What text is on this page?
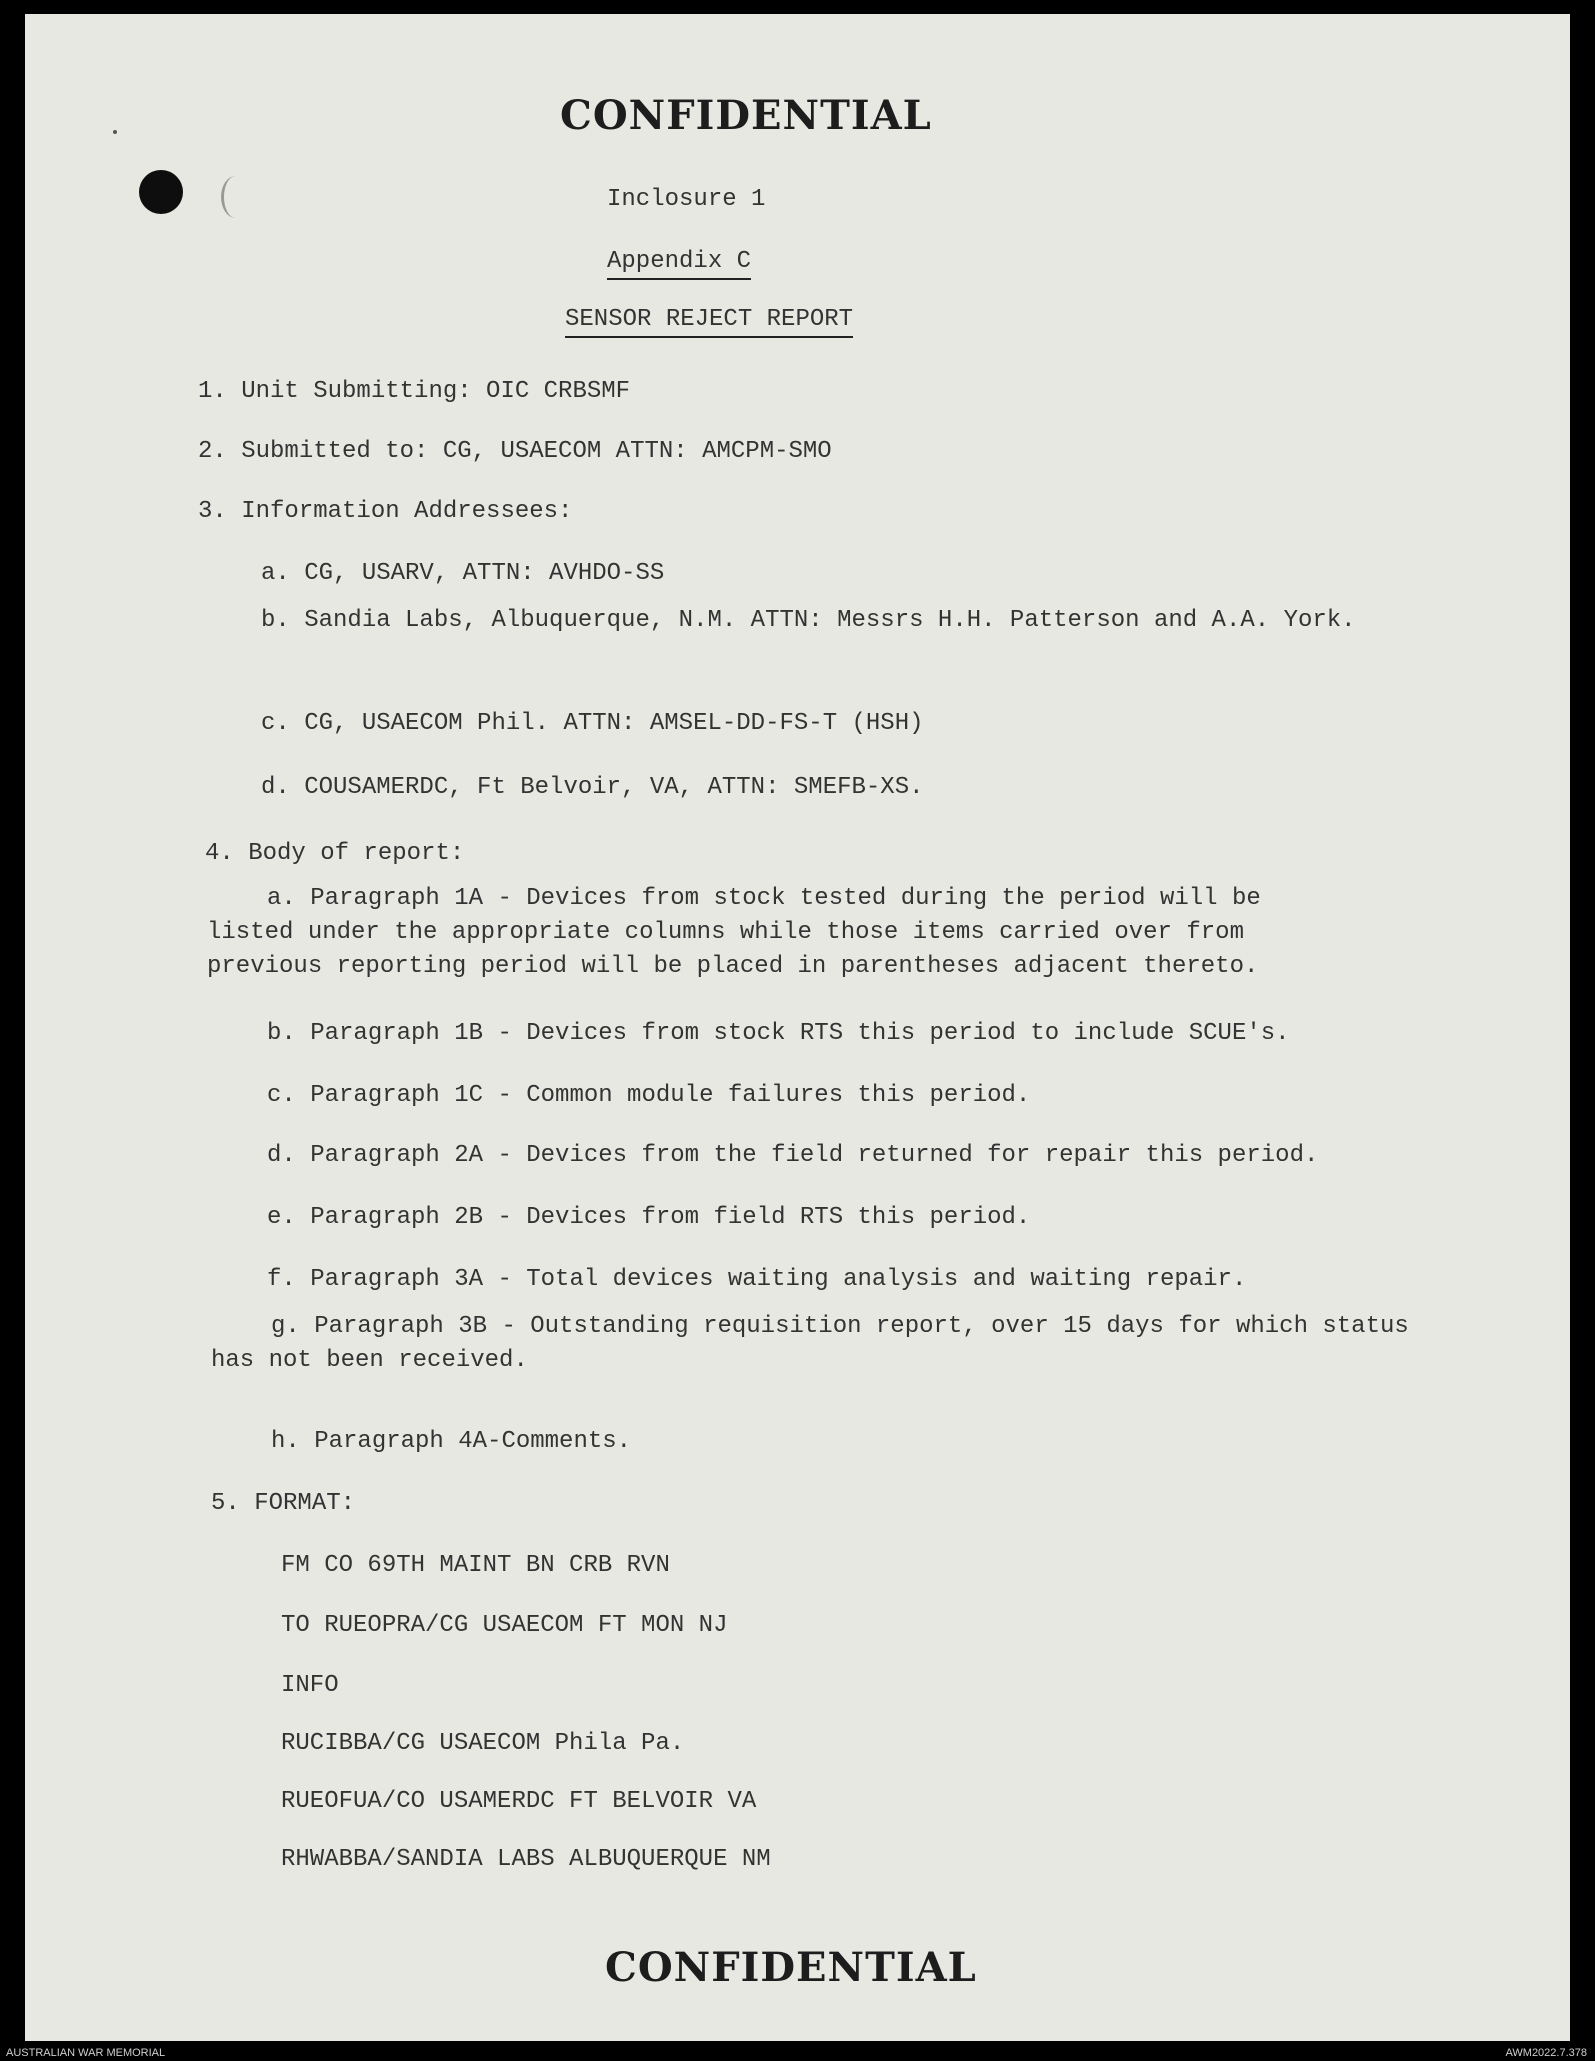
CONFIDENTIAL
Inclosure 1
Appendix C
SENSOR REJECT REPORT
1. Unit Submitting: OIC CRBSMF
2. Submitted to: CG, USAECOM ATTN: AMCPM-SMO
3. Information Addressees:
a. CG, USARV, ATTN: AVHDO-SS
b. Sandia Labs, Albuquerque, N.M. ATTN: Messrs H.H. Patterson and A.A. York.
c. CG, USAECOM Phil. ATTN: AMSEL-DD-FS-T (HSH)
d. COUSAMERDC, Ft Belvoir, VA, ATTN: SMEFB-XS.
4. Body of report:
a. Paragraph 1A - Devices from stock tested during the period will be listed under the appropriate columns while those items carried over from previous reporting period will be placed in parentheses adjacent thereto.
b. Paragraph 1B - Devices from stock RTS this period to include SCUE's.
c. Paragraph 1C - Common module failures this period.
d. Paragraph 2A - Devices from the field returned for repair this period.
e. Paragraph 2B - Devices from field RTS this period.
f. Paragraph 3A - Total devices waiting analysis and waiting repair.
g. Paragraph 3B - Outstanding requisition report, over 15 days for which status has not been received.
h. Paragraph 4A-Comments.
5. FORMAT:
FM CO 69TH MAINT BN CRB RVN
TO RUEOPRA/CG USAECOM FT MON NJ
INFO
RUCIBBA/CG USAECOM Phila Pa.
RUEOFUA/CO USAMERDC FT BELVOIR VA
RHWABBA/SANDIA LABS ALBUQUERQUE NM
CONFIDENTIAL
AUSTRALIAN WAR MEMORIAL	AWM2022.7.378
